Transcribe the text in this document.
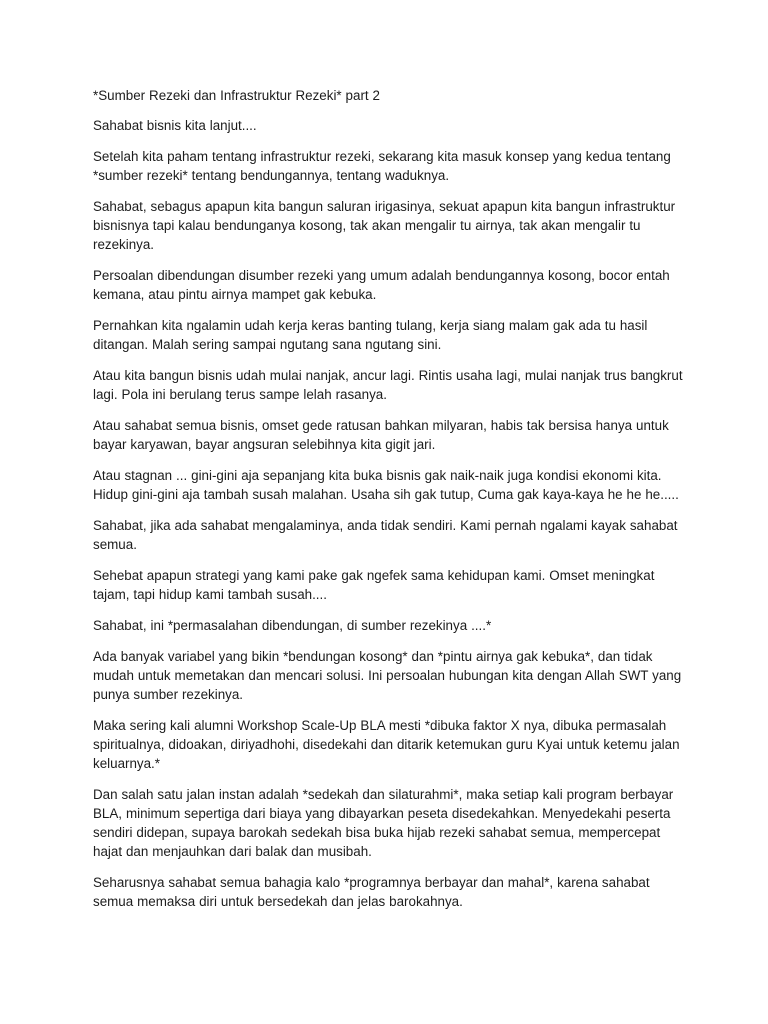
*Sumber Rezeki dan Infrastruktur Rezeki* part 2

Sahabat bisnis kita lanjut....

Setelah kita paham tentang infrastruktur rezeki, sekarang kita masuk konsep yang kedua tentang *sumber rezeki* tentang bendungannya, tentang waduknya.

Sahabat, sebagus apapun kita bangun saluran irigasinya, sekuat apapun kita bangun infrastruktur bisnisnya tapi kalau bendunganya kosong, tak akan mengalir tu airnya, tak akan mengalir tu rezekinya.

Persoalan dibendungan disumber rezeki yang umum adalah bendungannya kosong, bocor entah kemana, atau pintu airnya mampet gak kebuka.

Pernahkan kita ngalamin udah kerja keras banting tulang, kerja siang malam gak ada tu hasil ditangan. Malah sering sampai ngutang sana ngutang sini.

Atau kita bangun bisnis udah mulai nanjak, ancur lagi. Rintis usaha lagi, mulai nanjak trus bangkrut lagi. Pola ini berulang terus sampe lelah rasanya.

Atau sahabat semua bisnis, omset gede ratusan bahkan milyaran, habis tak bersisa hanya untuk bayar karyawan, bayar angsuran selebihnya kita gigit jari.

Atau stagnan ... gini-gini aja sepanjang kita buka bisnis gak naik-naik juga kondisi ekonomi kita. Hidup gini-gini aja tambah susah malahan. Usaha sih gak tutup, Cuma gak kaya-kaya he he he.....

Sahabat, jika ada sahabat mengalaminya, anda tidak sendiri. Kami pernah ngalami kayak sahabat semua.

Sehebat apapun strategi yang kami pake gak ngefek sama kehidupan kami. Omset meningkat tajam, tapi hidup kami tambah susah....

Sahabat, ini *permasalahan dibendungan, di sumber rezekinya ....*

Ada banyak variabel yang bikin *bendungan kosong* dan *pintu airnya gak kebuka*, dan tidak mudah untuk memetakan dan mencari solusi. Ini persoalan hubungan kita dengan Allah SWT yang punya sumber rezekinya.

Maka sering kali alumni Workshop Scale-Up BLA mesti *dibuka faktor X nya, dibuka permasalah spiritualnya, didoakan, diriyadhohi, disedekahi dan ditarik ketemukan guru Kyai untuk ketemu jalan keluarnya.*

Dan salah satu jalan instan adalah *sedekah dan silaturahmi*, maka setiap kali program berbayar BLA, minimum sepertiga dari biaya yang dibayarkan peseta disedekahkan. Menyedekahi peserta sendiri didepan, supaya barokah sedekah bisa buka hijab rezeki sahabat semua, mempercepat hajat dan menjauhkan dari balak dan musibah.

Seharusnya sahabat semua bahagia kalo *programnya berbayar dan mahal*, karena sahabat semua memaksa diri untuk bersedekah dan jelas barokahnya.
